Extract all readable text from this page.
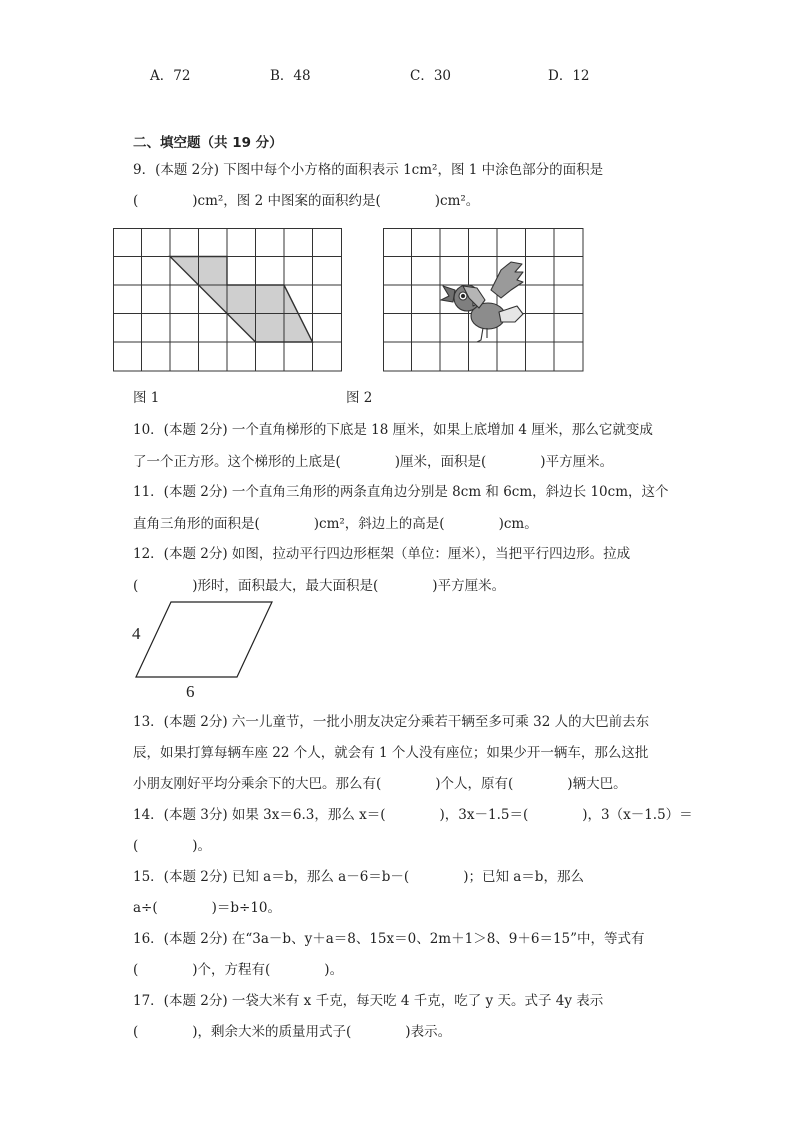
A．72	B．48	C．30	D．12
二、填空题（共 19 分）
9．(本题 2分) 下图中每个小方格的面积表示 1cm²，图 1 中涂色部分的面积是
(　　　　)cm²，图 2 中图案的面积约是(　　　　)cm²。
图 1	图 2
10．(本题 2分) 一个直角梯形的下底是 18 厘米，如果上底增加 4 厘米，那么它就变成
了一个正方形。这个梯形的上底是(　　　　)厘米，面积是(　　　　)平方厘米。
11．(本题 2分) 一个直角三角形的两条直角边分别是 8cm 和 6cm，斜边长 10cm，这个
直角三角形的面积是(　　　　)cm²，斜边上的高是(　　　　)cm。
12．(本题 2分) 如图，拉动平行四边形框架（单位：厘米），当把平行四边形。拉成
(　　　　)形时，面积最大，最大面积是(　　　　)平方厘米。
4
6
13．(本题 2分) 六一儿童节，一批小朋友决定分乘若干辆至多可乘 32 人的大巴前去东
辰，如果打算每辆车座 22 个人，就会有 1 个人没有座位；如果少开一辆车，那么这批
小朋友刚好平均分乘余下的大巴。那么有(　　　　)个人，原有(　　　　)辆大巴。
14．(本题 3分) 如果 3x＝6.3，那么 x＝(　　　　)，3x－1.5＝(　　　　)，3（x－1.5）＝
(　　　　)。
15．(本题 2分) 已知 a＝b，那么 a－6＝b－(　　　　)；已知 a＝b，那么
a÷(　　　　)＝b÷10。
16．(本题 2分) 在“3a－b、y＋a＝8、15x＝0、2m＋1＞8、9＋6＝15”中，等式有
(　　　　)个，方程有(　　　　)。
17．(本题 2分) 一袋大米有 x 千克，每天吃 4 千克，吃了 y 天。式子 4y 表示
(　　　　)，剩余大米的质量用式子(　　　　)表示。
